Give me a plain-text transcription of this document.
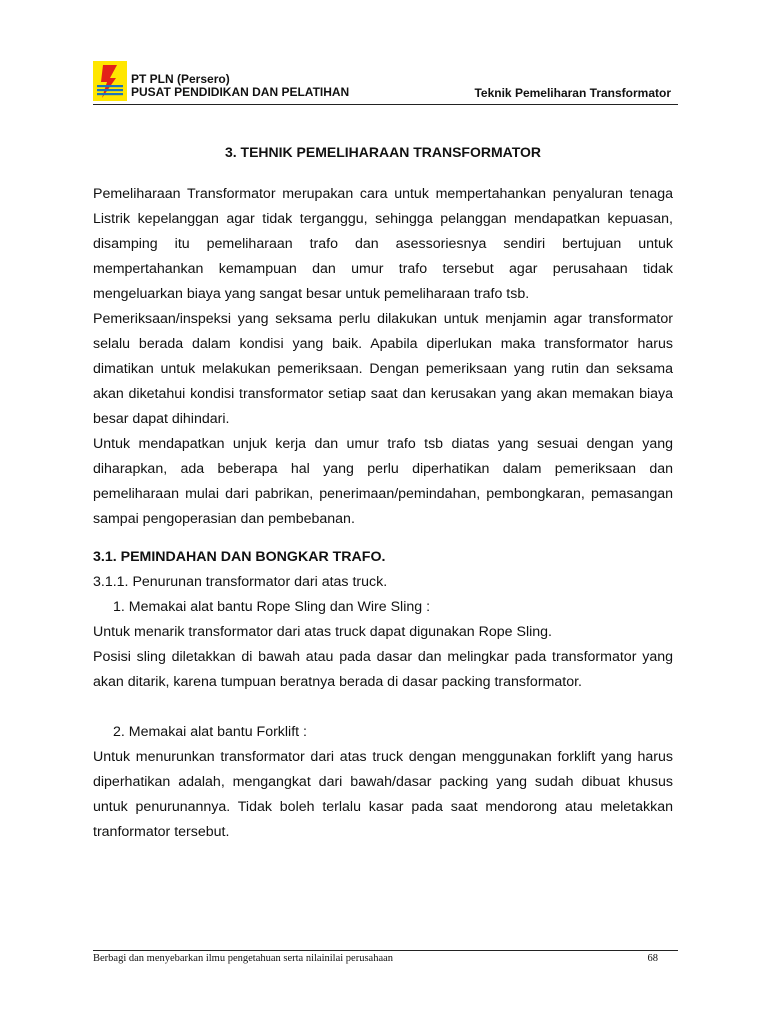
PT PLN (Persero)
PUSAT PENDIDIKAN DAN PELATIHAN	Teknik Pemeliharan Transformator
3. TEHNIK PEMELIHARAAN TRANSFORMATOR

Pemeliharaan Transformator merupakan cara untuk mempertahankan penyaluran tenaga Listrik kepelanggan agar tidak terganggu, sehingga pelanggan mendapatkan kepuasan, disamping itu pemeliharaan trafo dan asessoriesnya sendiri bertujuan untuk mempertahankan kemampuan dan umur trafo tersebut agar perusahaan tidak mengeluarkan biaya yang sangat besar untuk pemeliharaan trafo tsb.

Pemeriksaan/inspeksi yang seksama perlu dilakukan untuk menjamin agar transformator selalu berada dalam kondisi yang baik. Apabila diperlukan maka transformator harus dimatikan untuk melakukan pemeriksaan. Dengan pemeriksaan yang rutin dan seksama akan diketahui kondisi transformator setiap saat dan kerusakan yang akan memakan biaya besar dapat dihindari.

Untuk mendapatkan unjuk kerja dan umur trafo tsb diatas yang sesuai dengan yang diharapkan, ada beberapa hal yang perlu diperhatikan dalam pemeriksaan dan pemeliharaan mulai dari pabrikan, penerimaan/pemindahan, pembongkaran, pemasangan sampai pengoperasian dan pembebanan.

3.1. PEMINDAHAN DAN BONGKAR TRAFO.
3.1.1. Penurunan transformator dari atas truck.
1. Memakai alat bantu Rope Sling dan Wire Sling :

Untuk menarik transformator dari atas truck dapat digunakan Rope Sling.

Posisi sling diletakkan di bawah atau pada dasar dan melingkar pada transformator yang akan ditarik, karena tumpuan beratnya berada di dasar packing transformator.

2. Memakai alat bantu Forklift :

Untuk menurunkan transformator dari atas truck dengan menggunakan forklift yang harus diperhatikan adalah, mengangkat dari bawah/dasar packing yang sudah dibuat khusus untuk penurunannya. Tidak boleh terlalu kasar pada saat mendorong atau meletakkan tranformator tersebut.

Berbagi dan menyebarkan ilmu pengetahuan serta nilainilai perusahaan	68
